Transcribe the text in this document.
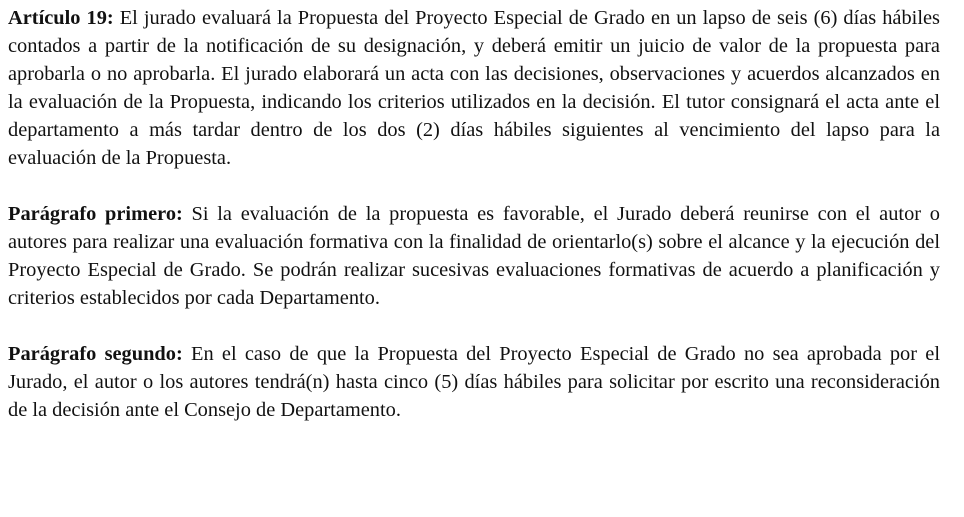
Artículo 19: El jurado evaluará la Propuesta del Proyecto Especial de Grado en un lapso de seis (6) días hábiles contados a partir de la notificación de su designación, y deberá emitir un juicio de valor de la propuesta para aprobarla o no aprobarla. El jurado elaborará un acta con las decisiones, observaciones y acuerdos alcanzados en la evaluación de la Propuesta, indicando los criterios utilizados en la decisión. El tutor consignará el acta ante el departamento a más tardar dentro de los dos (2) días hábiles siguientes al vencimiento del lapso para la evaluación de la Propuesta.

Parágrafo primero: Si la evaluación de la propuesta es favorable, el Jurado deberá reunirse con el autor o autores para realizar una evaluación formativa con la finalidad de orientarlo(s) sobre el alcance y la ejecución del Proyecto Especial de Grado. Se podrán realizar sucesivas evaluaciones formativas de acuerdo a planificación y criterios establecidos por cada Departamento.

Parágrafo segundo: En el caso de que la Propuesta del Proyecto Especial de Grado no sea aprobada por el Jurado, el autor o los autores tendrá(n) hasta cinco (5) días hábiles para solicitar por escrito una reconsideración de la decisión ante el Consejo de Departamento.
